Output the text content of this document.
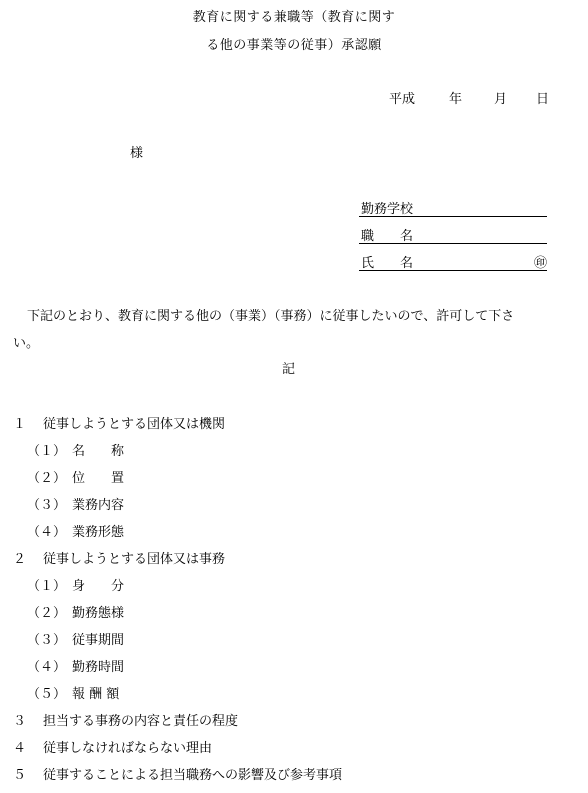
教育に関する兼職等（教育に関す
る他の事業等の従事）承認願
平成	年 月 日
様
勤務学校
職　　名
氏　　名	㊞
下記のとおり、教育に関する他の（事業）（事務）に従事したいので、許可して下さ
い。
記
１ 従事しようとする団体又は機関
（１） 名　　称
（２） 位　　置
（３） 業務内容
（４） 業務形態
２ 従事しようとする団体又は事務
（１） 身　　分
（２） 勤務態様
（３） 従事期間
（４） 勤務時間
（５） 報 酬 額
３ 担当する事務の内容と責任の程度
４ 従事しなければならない理由
５ 従事することによる担当職務への影響及び参考事項
